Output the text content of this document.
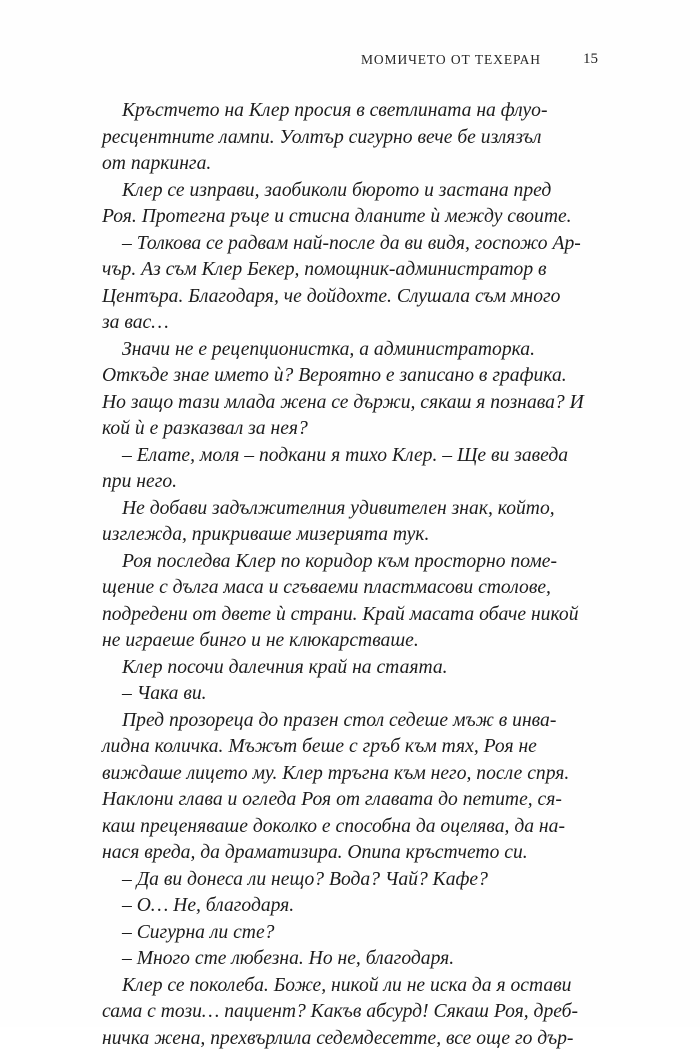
МОМИЧЕТО ОТ ТЕХЕРАН	15
Кръстчето на Клер просия в светлината на флуо-
ресцентните лампи. Уолтър сигурно вече бе излязъл
от паркинга.
Клер се изправи, заобиколи бюрото и застана пред
Роя. Протегна ръце и стисна дланите ѝ между своите.
– Толкова се радвам най-после да ви видя, госпожо Ар-
чър. Аз съм Клер Бекер, помощник-администратор в
Центъра. Благодаря, че дойдохте. Слушала съм много
за вас…
Значи не е рецепционистка, а администраторка.
Откъде знае името ѝ? Вероятно е записано в графика.
Но защо тази млада жена се държи, сякаш я познава? И
кой ѝ е разказвал за нея?
– Елате, моля – подкани я тихо Клер. – Ще ви заведа
при него.
Не добави задължителния удивителен знак, който,
изглежда, прикриваше мизерията тук.
Роя последва Клер по коридор към просторно поме-
щение с дълга маса и сгъваеми пластмасови столове,
подредени от двете ѝ страни. Край масата обаче никой
не играеше бинго и не клюкарстваше.
Клер посочи далечния край на стаята.
– Чака ви.
Пред прозореца до празен стол седеше мъж в инва-
лидна количка. Мъжът беше с гръб към тях, Роя не
виждаше лицето му. Клер тръгна към него, после спря.
Наклони глава и огледа Роя от главата до петите, ся-
каш преценяваше доколко е способна да оцелява, да на-
нася вреда, да драматизира. Опипа кръстчето си.
– Да ви донеса ли нещо? Вода? Чай? Кафе?
– О… Не, благодаря.
– Сигурна ли сте?
– Много сте любезна. Но не, благодаря.
Клер се поколеба. Боже, никой ли не иска да я остави
сама с този… пациент? Какъв абсурд! Сякаш Роя, дреб-
ничка жена, прехвърлила седемдесетте, все още го дър-
